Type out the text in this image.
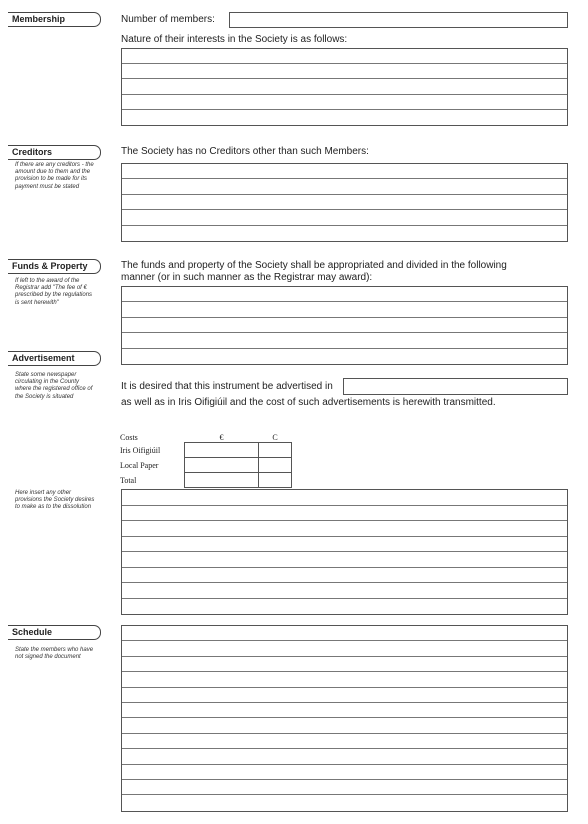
Membership	Number of members:
Nature of their interests in the Society is as follows:
Creditors
If there are any creditors - the amount due to them and the provision to be made for its payment must be stated
The Society has no Creditors other than such Members:
Funds & Property
If left to the award of the Registrar add "The fee of € prescribed by the regulations is sent herewith"
The funds and property of the Society shall be appropriated and divided in the following
manner (or in such manner as the Registrar may award):
Advertisement
State some newspaper circulating in the County where the registered office of the Society is situated
It is desired that this instrument be advertised in
as well as in Iris Oifigiúil and the cost of such advertisements is herewith transmitted.
Costs	€	C
Iris Oifigiúil		
Local Paper		
Total		
Here insert any other provisions the Society desires to make as to the dissolution
Schedule
State the members who have not signed the document
